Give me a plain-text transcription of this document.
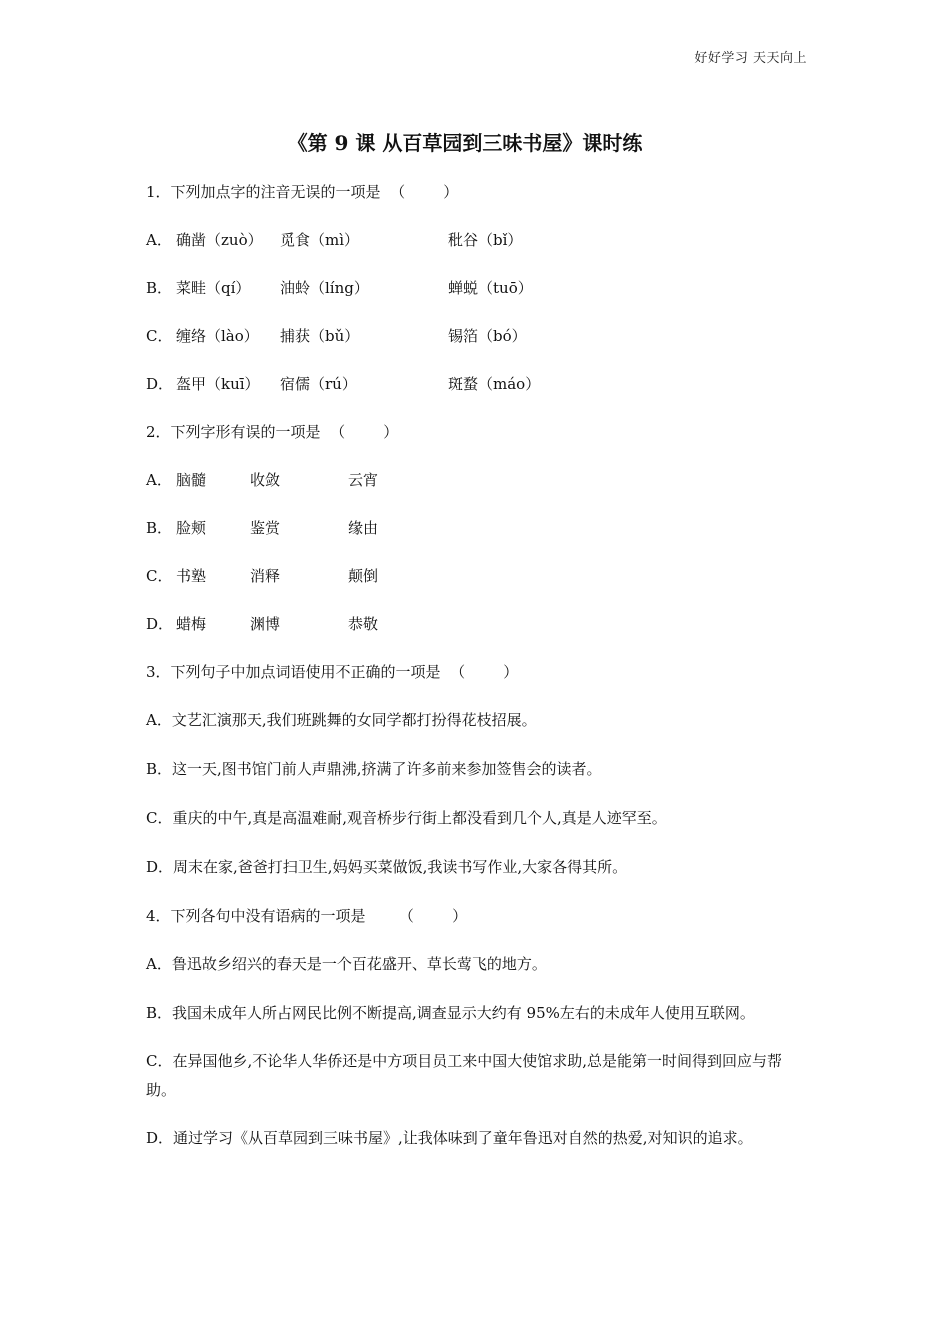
好好学习 天天向上
《第 9 课 从百草园到三味书屋》课时练
1．下列加点字的注音无误的一项是  （        ）
A． 确凿（zuò）	觅食（mì）	秕谷（bǐ）
B． 菜畦（qí）	油蛉（líng）	蝉蜕（tuō）
C． 缠络（lào）	捕获（bǔ）	锡箔（bó）
D． 盔甲（kuī）	宿儒（rú）	斑蝥（máo）
2．下列字形有误的一项是  （        ）
A． 脑髓	收敛	云宵
B． 脸颊	鉴赏	缘由
C． 书塾	消释	颠倒
D． 蜡梅	渊博	恭敬
3．下列句子中加点词语使用不正确的一项是  （        ）
A．文艺汇演那天,我们班跳舞的女同学都打扮得花枝招展。
B．这一天,图书馆门前人声鼎沸,挤满了许多前来参加签售会的读者。
C．重庆的中午,真是高温难耐,观音桥步行街上都没看到几个人,真是人迹罕至。
D．周末在家,爸爸打扫卫生,妈妈买菜做饭,我读书写作业,大家各得其所。
4．下列各句中没有语病的一项是       （        ）
A．鲁迅故乡绍兴的春天是一个百花盛开、草长莺飞的地方。
B．我国未成年人所占网民比例不断提高,调查显示大约有 95%左右的未成年人使用互联网。
C．在异国他乡,不论华人华侨还是中方项目员工来中国大使馆求助,总是能第一时间得到回应与帮助。
D．通过学习《从百草园到三味书屋》,让我体味到了童年鲁迅对自然的热爱,对知识的追求。
